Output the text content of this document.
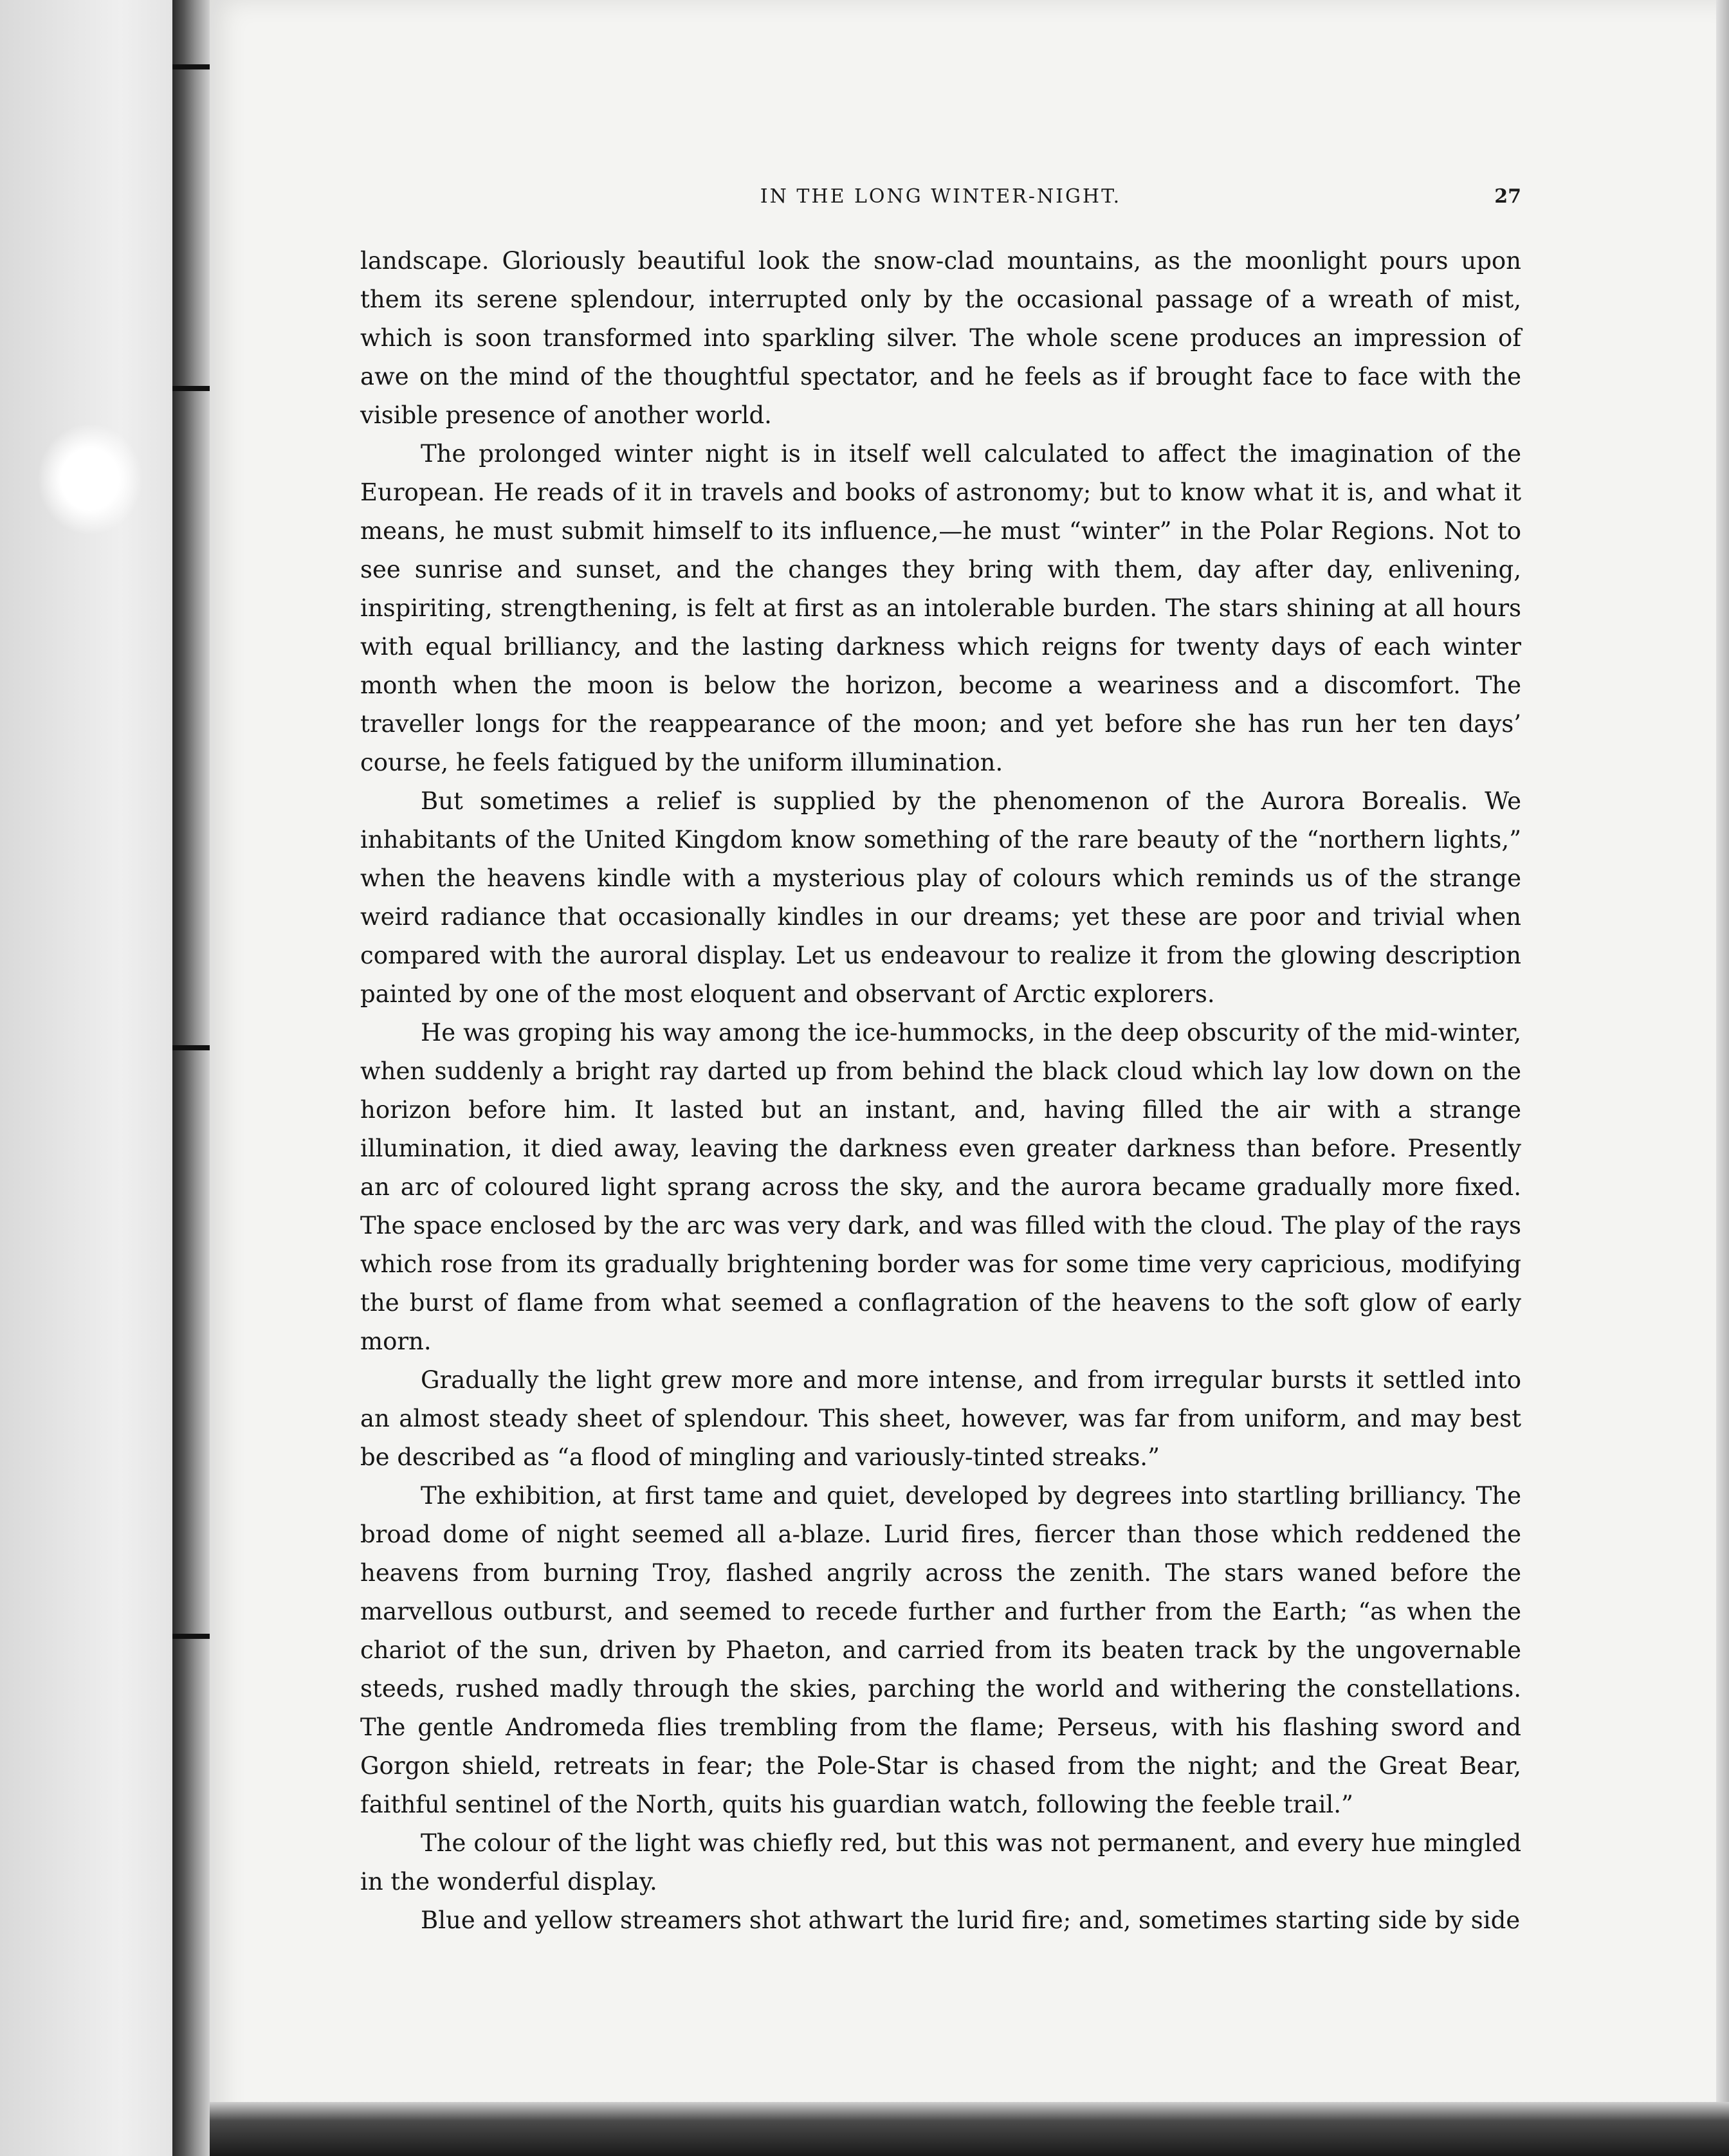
IN THE LONG WINTER-NIGHT.	27

landscape. Gloriously beautiful look the snow-clad mountains, as the moonlight pours upon them its serene splendour, interrupted only by the occasional passage of a wreath of mist, which is soon transformed into sparkling silver. The whole scene produces an impression of awe on the mind of the thoughtful spectator, and he feels as if brought face to face with the visible presence of another world.

The prolonged winter night is in itself well calculated to affect the imagination of the European. He reads of it in travels and books of astronomy; but to know what it is, and what it means, he must submit himself to its influence,—he must “winter” in the Polar Regions. Not to see sunrise and sunset, and the changes they bring with them, day after day, enlivening, inspiriting, strengthening, is felt at first as an intolerable burden. The stars shining at all hours with equal brilliancy, and the lasting darkness which reigns for twenty days of each winter month when the moon is below the horizon, become a weariness and a discomfort. The traveller longs for the reappearance of the moon; and yet before she has run her ten days’ course, he feels fatigued by the uniform illumination.

But sometimes a relief is supplied by the phenomenon of the Aurora Borealis. We inhabitants of the United Kingdom know something of the rare beauty of the “northern lights,” when the heavens kindle with a mysterious play of colours which reminds us of the strange weird radiance that occasionally kindles in our dreams; yet these are poor and trivial when compared with the auroral display. Let us endeavour to realize it from the glowing description painted by one of the most eloquent and observant of Arctic explorers.

He was groping his way among the ice-hummocks, in the deep obscurity of the mid-winter, when suddenly a bright ray darted up from behind the black cloud which lay low down on the horizon before him. It lasted but an instant, and, having filled the air with a strange illumination, it died away, leaving the darkness even greater darkness than before. Presently an arc of coloured light sprang across the sky, and the aurora became gradually more fixed. The space enclosed by the arc was very dark, and was filled with the cloud. The play of the rays which rose from its gradually brightening border was for some time very capricious, modifying the burst of flame from what seemed a conflagration of the heavens to the soft glow of early morn.

Gradually the light grew more and more intense, and from irregular bursts it settled into an almost steady sheet of splendour. This sheet, however, was far from uniform, and may best be described as “a flood of mingling and variously-tinted streaks.”

The exhibition, at first tame and quiet, developed by degrees into startling brilliancy. The broad dome of night seemed all a-blaze. Lurid fires, fiercer than those which reddened the heavens from burning Troy, flashed angrily across the zenith. The stars waned before the marvellous outburst, and seemed to recede further and further from the Earth; “as when the chariot of the sun, driven by Phaeton, and carried from its beaten track by the ungovernable steeds, rushed madly through the skies, parching the world and withering the constellations. The gentle Andromeda flies trembling from the flame; Perseus, with his flashing sword and Gorgon shield, retreats in fear; the Pole-Star is chased from the night; and the Great Bear, faithful sentinel of the North, quits his guardian watch, following the feeble trail.”

The colour of the light was chiefly red, but this was not permanent, and every hue mingled in the wonderful display.

Blue and yellow streamers shot athwart the lurid fire; and, sometimes starting side by side
